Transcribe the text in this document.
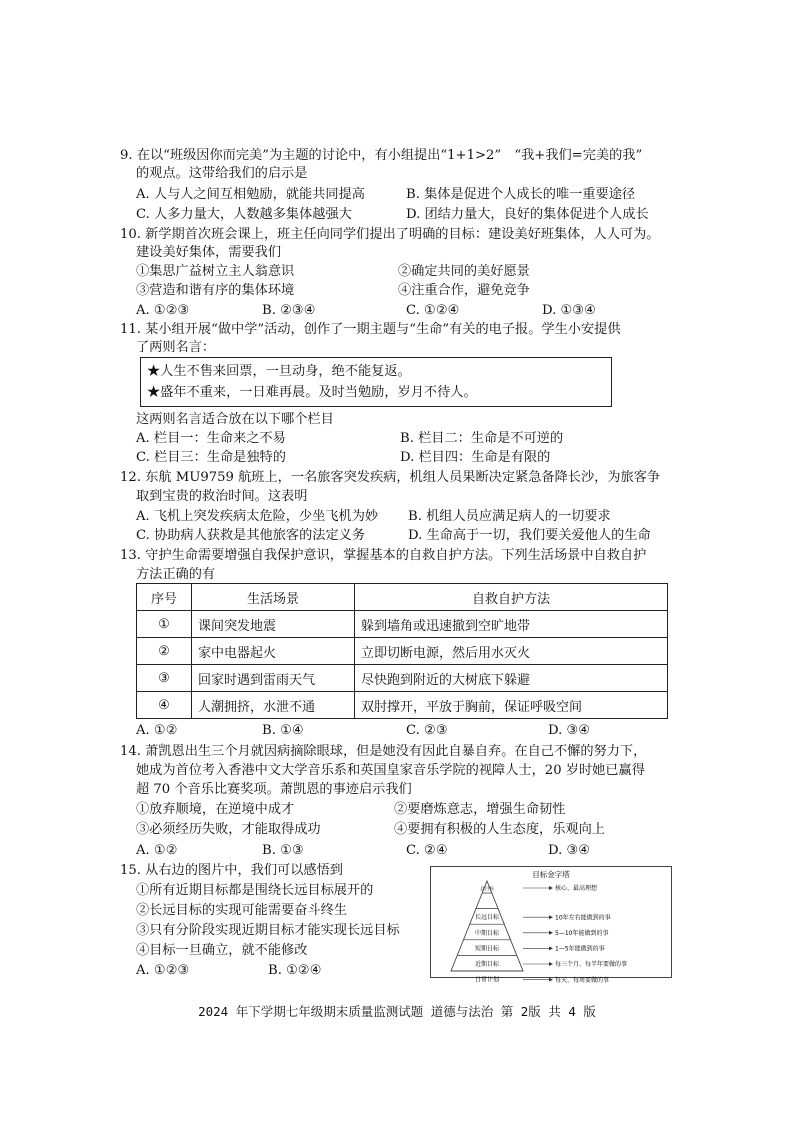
9. 在以“班级因你而完美”为主题的讨论中，有小组提出“1+1>2”　“我+我们=完美的我”
的观点。这带给我们的启示是
A. 人与人之间互相勉励，就能共同提高	B. 集体是促进个人成长的唯一重要途径
C. 人多力量大，人数越多集体越强大	D. 团结力量大，良好的集体促进个人成长
10. 新学期首次班会课上，班主任向同学们提出了明确的目标：建设美好班集体，人人可为。
建设美好集体，需要我们
①集思广益树立主人翁意识	②确定共同的美好愿景
③营造和谐有序的集体环境	④注重合作，避免竞争
A. ①②③	B. ②③④	C. ①②④	D. ①③④
11. 某小组开展“做中学”活动，创作了一期主题与“生命”有关的电子报。学生小安提供
了两则名言：
★人生不售来回票，一旦动身，绝不能复返。
★盛年不重来，一日难再晨。及时当勉励，岁月不待人。
这两则名言适合放在以下哪个栏目
A. 栏目一：生命来之不易	B. 栏目二：生命是不可逆的
C. 栏目三：生命是独特的	D. 栏目四：生命是有限的
12. 东航 MU9759 航班上，一名旅客突发疾病，机组人员果断决定紧急备降长沙，为旅客争
取到宝贵的救治时间。这表明
A. 飞机上突发疾病太危险，少坐飞机为妙 B. 机组人员应满足病人的一切要求
C. 协助病人获救是其他旅客的法定义务	D. 生命高于一切，我们要关爱他人的生命
13. 守护生命需要增强自我保护意识，掌握基本的自救自护方法。下列生活场景中自救自护
方法正确的有
序号	生活场景	自救自护方法
①	课间突发地震	躲到墙角或迅速撤到空旷地带
②	家中电器起火	立即切断电源，然后用水灭火
③	回家时遇到雷雨天气	尽快跑到附近的大树底下躲避
④	人潮拥挤，水泄不通	双肘撑开，平放于胸前，保证呼吸空间
A. ①②	B. ①④	C. ②③	D. ③④
14. 萧凯恩出生三个月就因病摘除眼球，但是她没有因此自暴自弃。在自己不懈的努力下，
她成为首位考入香港中文大学音乐系和英国皇家音乐学院的视障人士，20 岁时她已赢得
超 70 个音乐比赛奖项。萧凯恩的事迹启示我们
①放弃顺境，在逆境中成才	②要磨炼意志，增强生命韧性
③必须经历失败，才能取得成功	④要拥有积极的人生态度，乐观向上
A. ①②	B. ①③	C. ②④	D. ③④
15. 从右边的图片中，我们可以感悟到
①所有近期目标都是围绕长远目标展开的
②长远目标的实现可能需要奋斗终生
③只有分阶段实现近期目标才能实现长远目标
④目标一旦确立，就不能修改
A. ①②③	B. ①②④
目标金字塔
总目标	核心、最高理想
长远目标	10年左右能做到的事
中期目标	5—10年能做到的事
短期目标	1—5年能做到的事
近期目标	每三个月、每半年要做的事
日常计划	每天、每周要做的事
2024 年下学期七年级期末质量监测试题 道德与法治 第 2版 共 4 版
